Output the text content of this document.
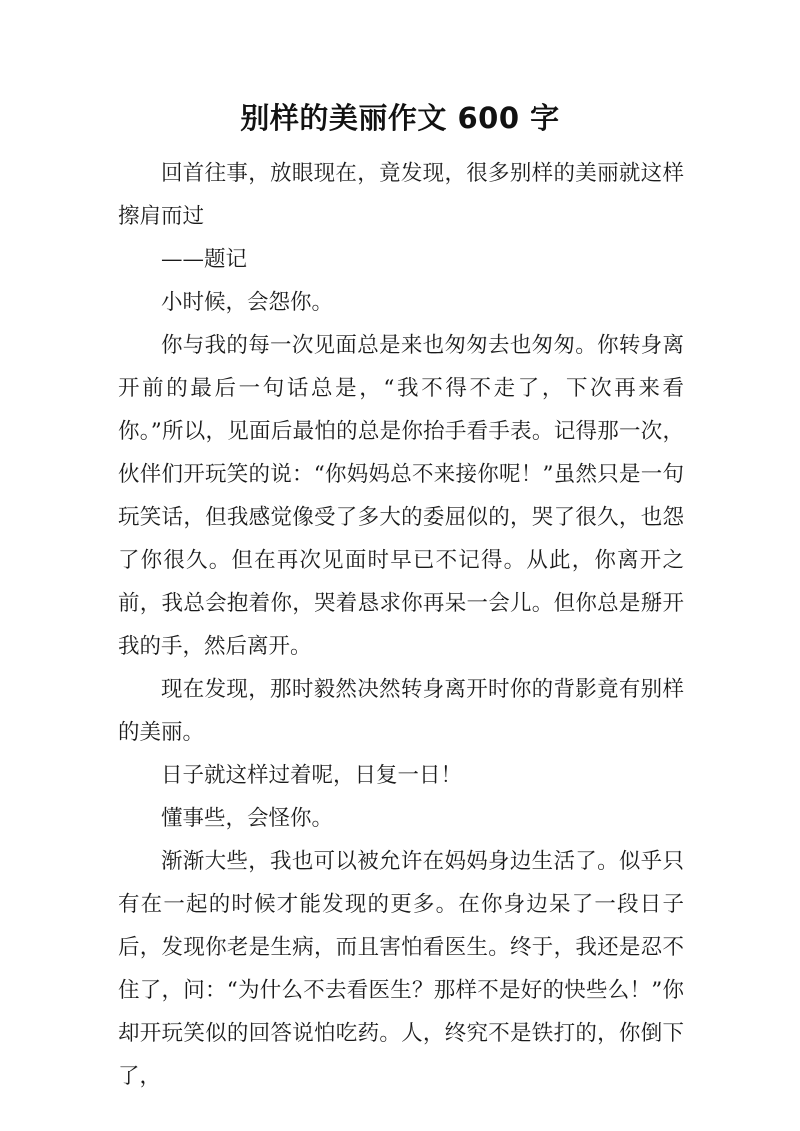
别样的美丽作文 600 字

回首往事，放眼现在，竟发现，很多别样的美丽就这样擦肩而过

——题记

小时候，会怨你。

你与我的每一次见面总是来也匆匆去也匆匆。你转身离开前的最后一句话总是，“我不得不走了，下次再来看你。”所以，见面后最怕的总是你抬手看手表。记得那一次，伙伴们开玩笑的说：“你妈妈总不来接你呢！”虽然只是一句玩笑话，但我感觉像受了多大的委屈似的，哭了很久，也怨了你很久。但在再次见面时早已不记得。从此，你离开之前，我总会抱着你，哭着恳求你再呆一会儿。但你总是掰开我的手，然后离开。

现在发现，那时毅然决然转身离开时你的背影竟有别样的美丽。

日子就这样过着呢，日复一日！

懂事些，会怪你。

渐渐大些，我也可以被允许在妈妈身边生活了。似乎只有在一起的时候才能发现的更多。在你身边呆了一段日子后，发现你老是生病，而且害怕看医生。终于，我还是忍不住了，问：“为什么不去看医生？那样不是好的快些么！”你却开玩笑似的回答说怕吃药。人，终究不是铁打的，你倒下了，
